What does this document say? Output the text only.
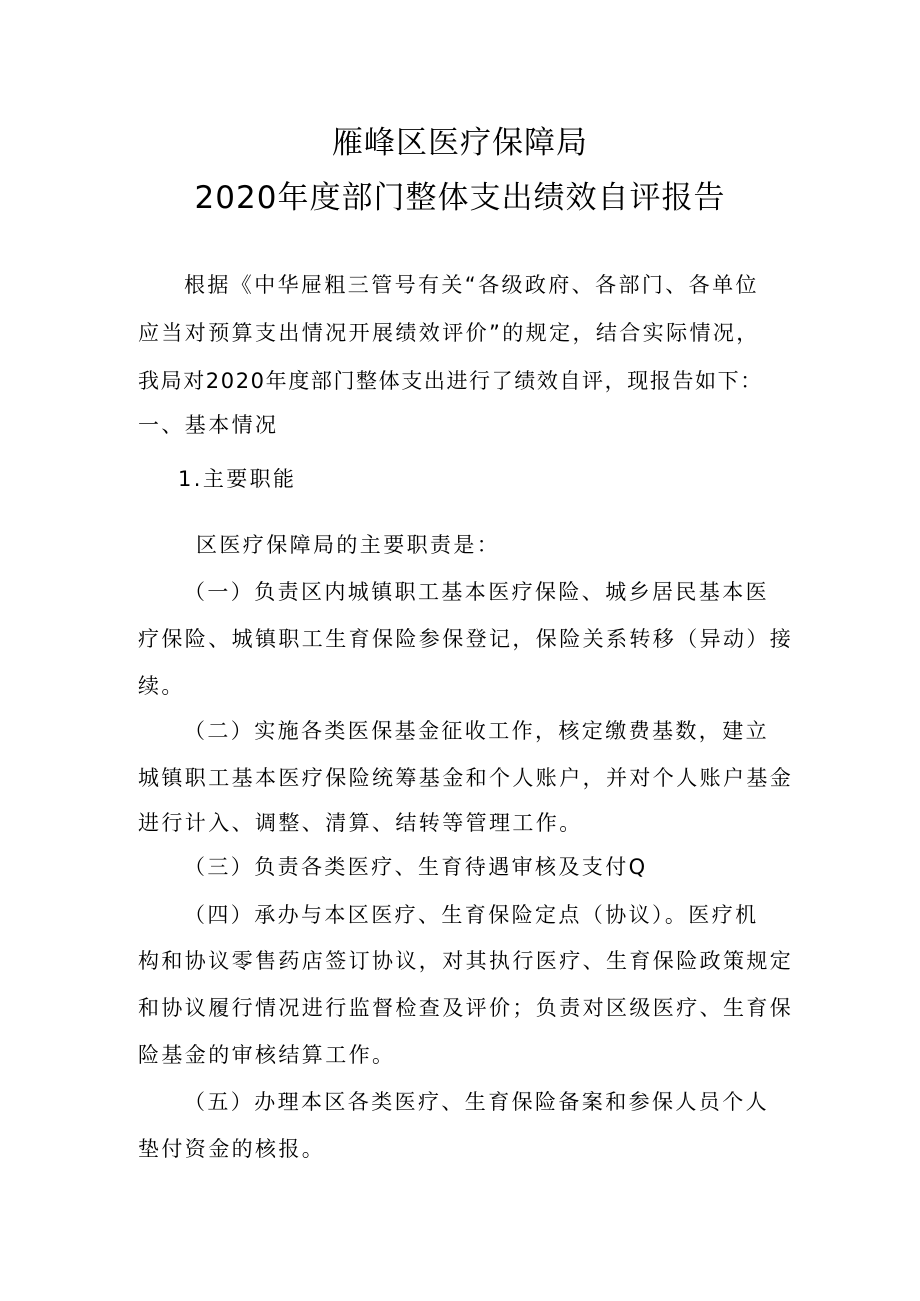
雁峰区医疗保障局
2020年度部门整体支出绩效自评报告
根据《中华屉粗三管号有关“各级政府、各部门、各单位
应当对预算支出情况开展绩效评价”的规定，结合实际情况，
我局对2020年度部门整体支出进行了绩效自评，现报告如下：
一、基本情况
1.主要职能
区医疗保障局的主要职责是：
（一）负责区内城镇职工基本医疗保险、城乡居民基本医
疗保险、城镇职工生育保险参保登记，保险关系转移（异动）接
续。
（二）实施各类医保基金征收工作，核定缴费基数，建立
城镇职工基本医疗保险统筹基金和个人账户，并对个人账户基金
进行计入、调整、清算、结转等管理工作。
（三）负责各类医疗、生育待遇审核及支付Q
（四）承办与本区医疗、生育保险定点（协议）。医疗机
构和协议零售药店签订协议，对其执行医疗、生育保险政策规定
和协议履行情况进行监督检查及评价；负责对区级医疗、生育保
险基金的审核结算工作。
（五）办理本区各类医疗、生育保险备案和参保人员个人
垫付资金的核报。
